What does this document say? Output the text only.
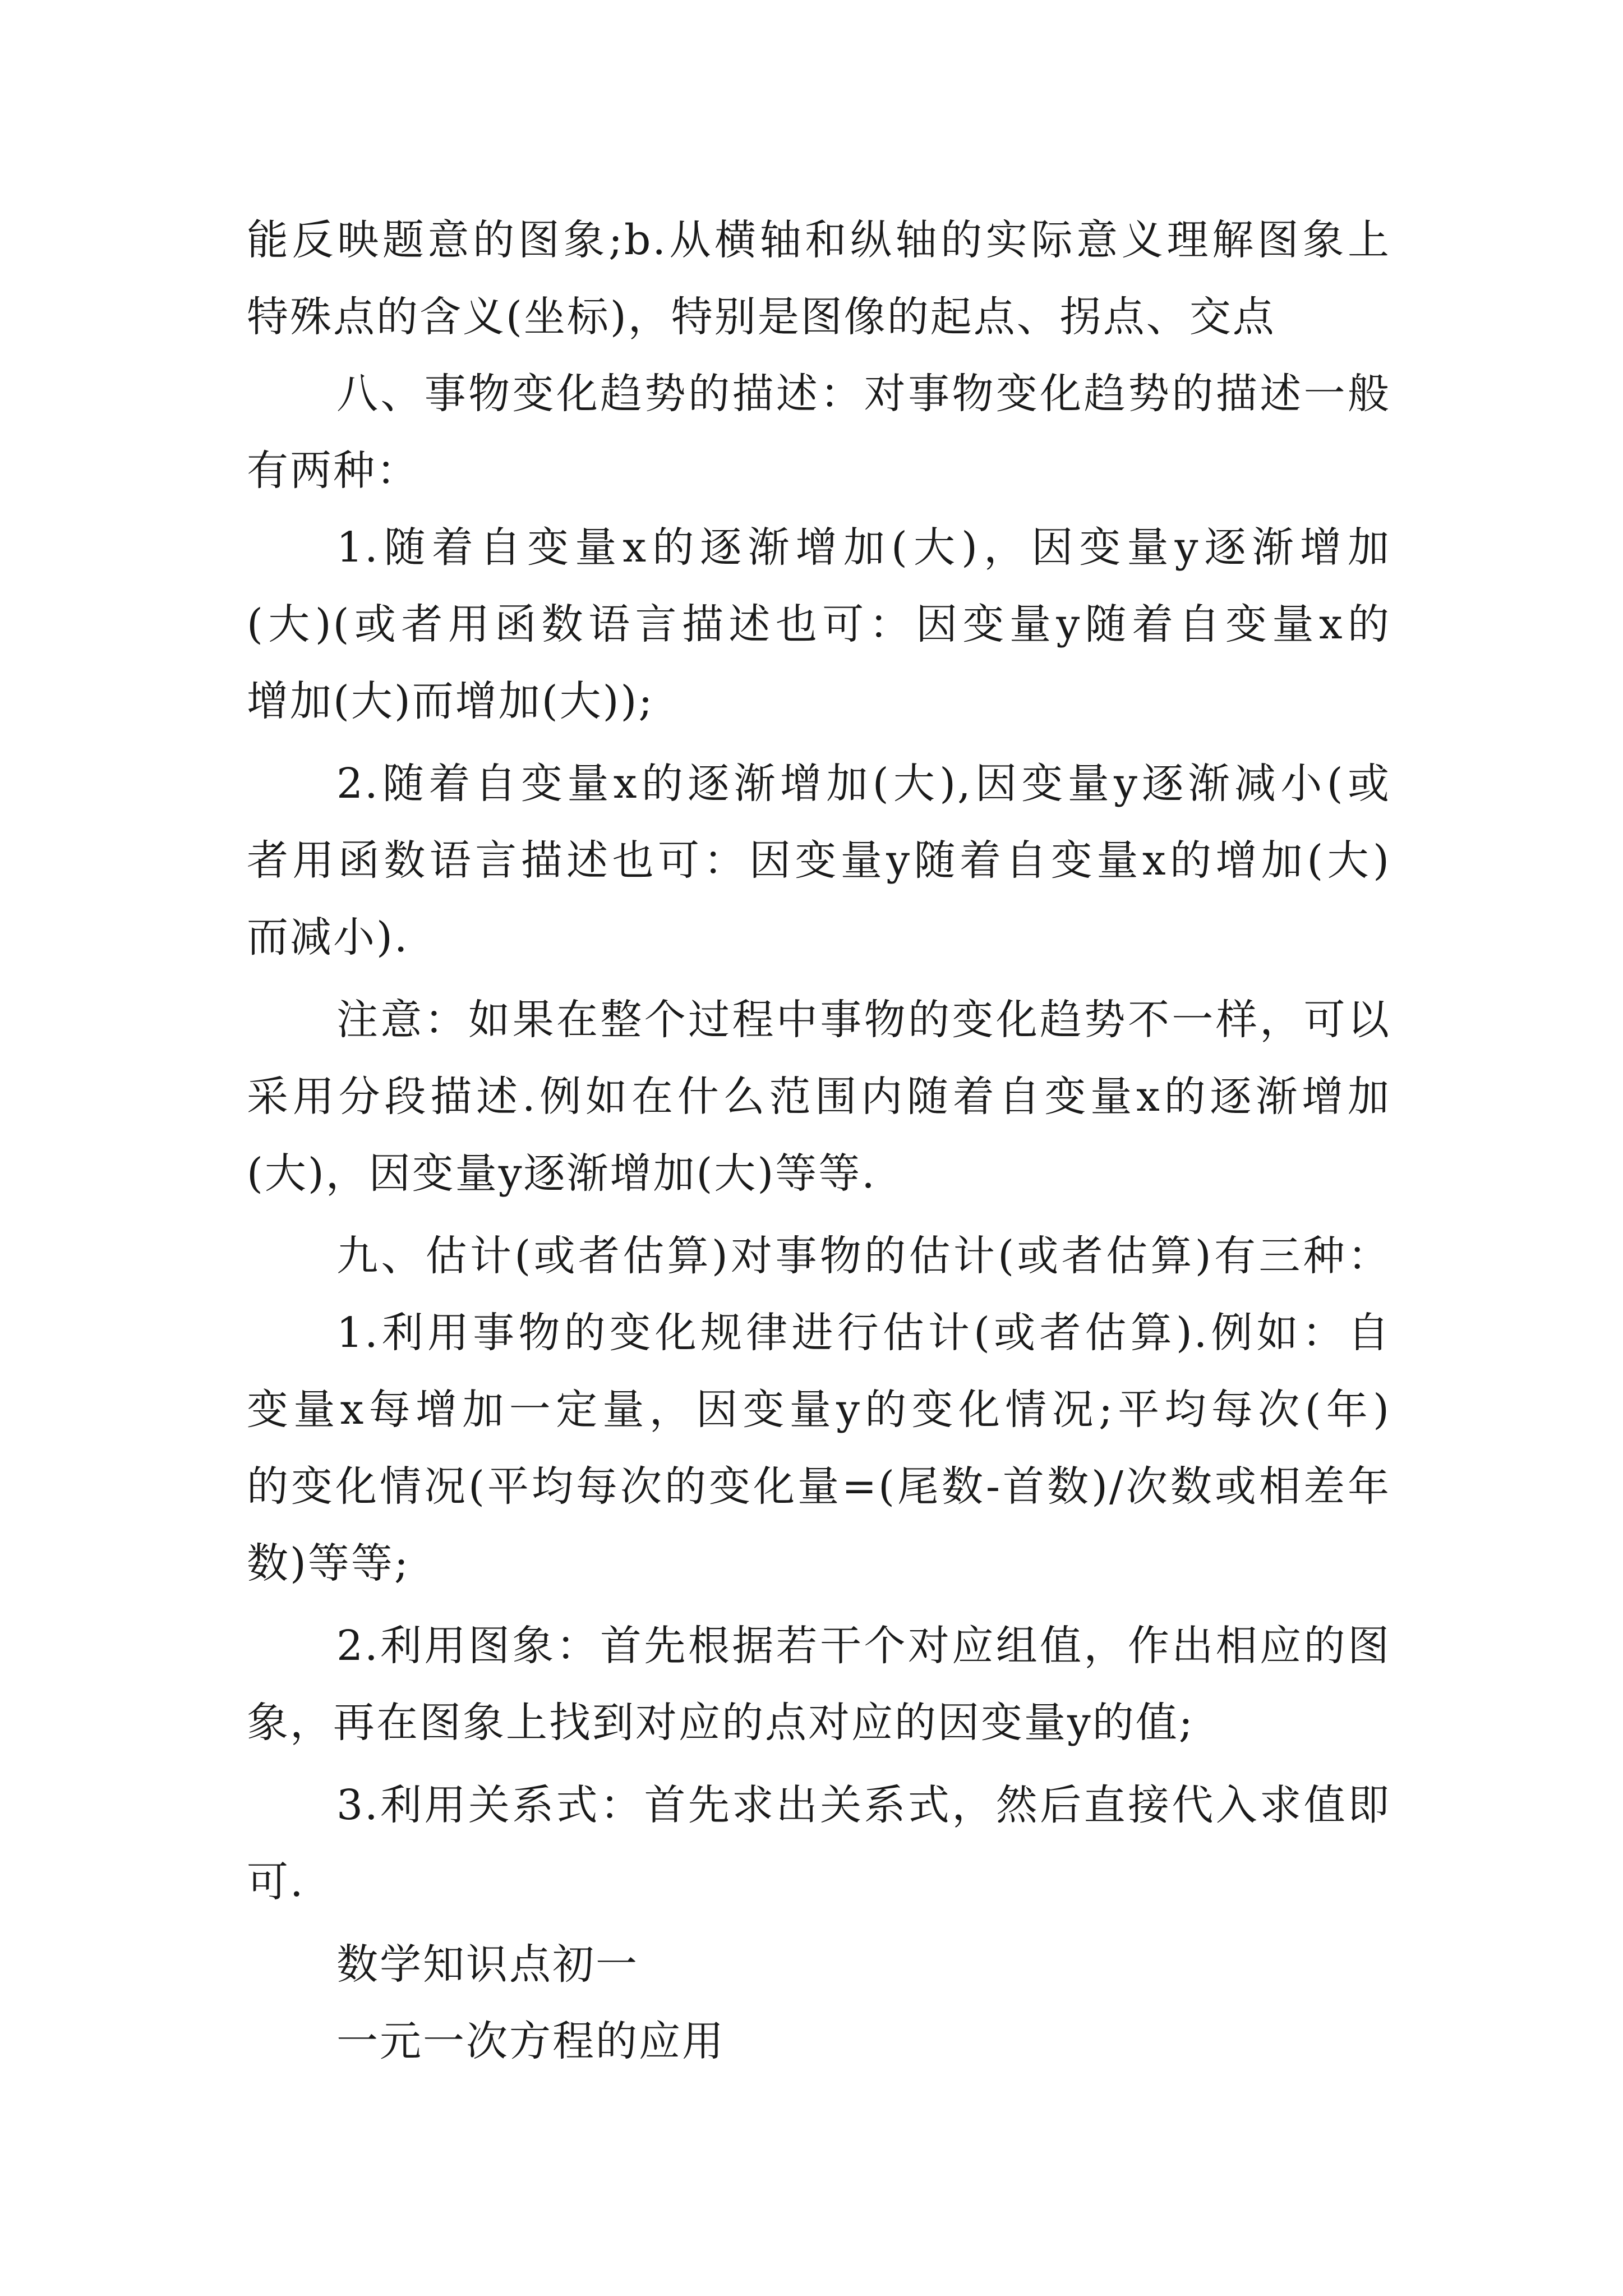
能反映题意的图象;b.从横轴和纵轴的实际意义理解图象上
特殊点的含义(坐标)，特别是图像的起点、拐点、交点
八、事物变化趋势的描述：对事物变化趋势的描述一般
有两种：
1.随着自变量x的逐渐增加(大)，因变量y逐渐增加
(大)(或者用函数语言描述也可：因变量y随着自变量x的
增加(大)而增加(大));
2.随着自变量x的逐渐增加(大),因变量y逐渐减小(或
者用函数语言描述也可：因变量y随着自变量x的增加(大)
而减小).
注意：如果在整个过程中事物的变化趋势不一样，可以
采用分段描述.例如在什么范围内随着自变量x的逐渐增加
(大)，因变量y逐渐增加(大)等等.
九、估计(或者估算)对事物的估计(或者估算)有三种：
1.利用事物的变化规律进行估计(或者估算).例如：自
变量x每增加一定量，因变量y的变化情况;平均每次(年)
的变化情况(平均每次的变化量=(尾数-首数)/次数或相差年
数)等等;
2.利用图象：首先根据若干个对应组值，作出相应的图
象，再在图象上找到对应的点对应的因变量y的值;
3.利用关系式：首先求出关系式，然后直接代入求值即
可.
数学知识点初一
一元一次方程的应用
